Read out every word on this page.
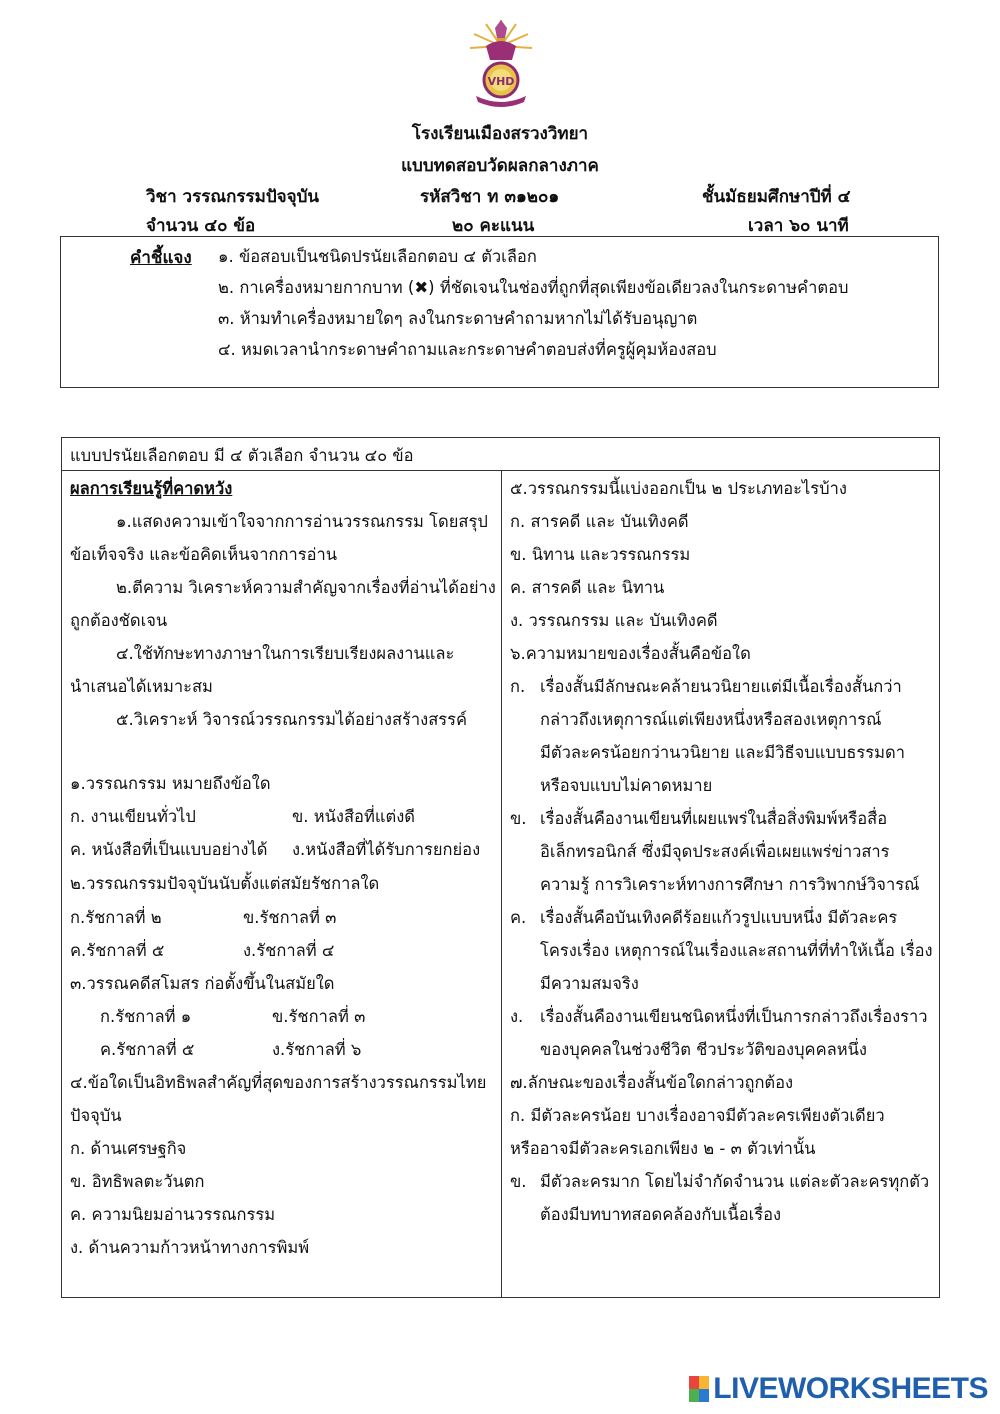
VHD
โรงเรียนเมืองสรวงวิทยา
แบบทดสอบวัดผลกลางภาค
วิชา วรรณกรรมปัจจุบัน	รหัสวิชา ท ๓๑๒๐๑	ชั้นมัธยมศึกษาปีที่ ๔
จำนวน ๔๐ ข้อ	๒๐ คะแนน	เวลา ๖๐ นาที
คำชี้แจง ๑. ข้อสอบเป็นชนิดปรนัยเลือกตอบ ๔ ตัวเลือก
๒. กาเครื่องหมายกากบาท (✖) ที่ชัดเจนในช่องที่ถูกที่สุดเพียงข้อเดียวลงในกระดาษคำตอบ
๓. ห้ามทำเครื่องหมายใดๆ ลงในกระดาษคำถามหากไม่ได้รับอนุญาต
๔. หมดเวลานำกระดาษคำถามและกระดาษคำตอบส่งที่ครูผู้คุมห้องสอบ
แบบปรนัยเลือกตอบ มี ๔ ตัวเลือก จำนวน ๔๐ ข้อ
ผลการเรียนรู้ที่คาดหวัง
๑.แสดงความเข้าใจจากการอ่านวรรณกรรม โดยสรุป
ข้อเท็จจริง และข้อคิดเห็นจากการอ่าน
๒.ตีความ วิเคราะห์ความสำคัญจากเรื่องที่อ่านได้อย่าง
ถูกต้องชัดเจน
๔.ใช้ทักษะทางภาษาในการเรียบเรียงผลงานและ
นำเสนอได้เหมาะสม
๕.วิเคราะห์ วิจารณ์วรรณกรรมได้อย่างสร้างสรรค์
๑.วรรณกรรม หมายถึงข้อใด
ก. งานเขียนทั่วไป	ข. หนังสือที่แต่งดี
ค. หนังสือที่เป็นแบบอย่างได้ ง.หนังสือที่ได้รับการยกย่อง
๒.วรรณกรรมปัจจุบันนับตั้งแต่สมัยรัชกาลใด
ก.รัชกาลที่ ๒	ข.รัชกาลที่ ๓
ค.รัชกาลที่ ๕	ง.รัชกาลที่ ๔
๓.วรรณคดีสโมสร ก่อตั้งขึ้นในสมัยใด
ก.รัชกาลที่ ๑	ข.รัชกาลที่ ๓
ค.รัชกาลที่ ๕	ง.รัชกาลที่ ๖
๔.ข้อใดเป็นอิทธิพลสำคัญที่สุดของการสร้างวรรณกรรมไทย
ปัจจุบัน
ก. ด้านเศรษฐกิจ
ข. อิทธิพลตะวันตก
ค. ความนิยมอ่านวรรณกรรม
ง. ด้านความก้าวหน้าทางการพิมพ์
๕.วรรณกรรมนี้แบ่งออกเป็น ๒ ประเภทอะไรบ้าง
ก. สารคดี และ บันเทิงคดี
ข. นิทาน และวรรณกรรม
ค. สารคดี และ นิทาน
ง. วรรณกรรม และ บันเทิงคดี
๖.ความหมายของเรื่องสั้นคือข้อใด
ก. เรื่องสั้นมีลักษณะคล้ายนวนิยายแต่มีเนื้อเรื่องสั้นกว่า
กล่าวถึงเหตุการณ์แต่เพียงหนึ่งหรือสองเหตุการณ์
มีตัวละครน้อยกว่านวนิยาย และมีวิธีจบแบบธรรมดา
หรือจบแบบไม่คาดหมาย
ข. เรื่องสั้นคืองานเขียนที่เผยแพร่ในสื่อสิ่งพิมพ์หรือสื่อ
อิเล็กทรอนิกส์ ซึ่งมีจุดประสงค์เพื่อเผยแพร่ข่าวสาร
ความรู้ การวิเคราะห์ทางการศึกษา การวิพากษ์วิจารณ์
ค. เรื่องสั้นคือบันเทิงคดีร้อยแก้วรูปแบบหนึ่ง มีตัวละคร
โครงเรื่อง เหตุการณ์ในเรื่องและสถานที่ที่ทำให้เนื้อ เรื่อง
มีความสมจริง
ง. เรื่องสั้นคืองานเขียนชนิดหนึ่งที่เป็นการกล่าวถึงเรื่องราว
ของบุคคลในช่วงชีวิต ชีวประวัติของบุคคลหนึ่ง
๗.ลักษณะของเรื่องสั้นข้อใดกล่าวถูกต้อง
ก. มีตัวละครน้อย บางเรื่องอาจมีตัวละครเพียงตัวเดียว
หรืออาจมีตัวละครเอกเพียง ๒ - ๓ ตัวเท่านั้น
ข. มีตัวละครมาก โดยไม่จำกัดจำนวน แต่ละตัวละครทุกตัว
ต้องมีบทบาทสอดคล้องกับเนื้อเรื่อง
LIVEWORKSHEETS
